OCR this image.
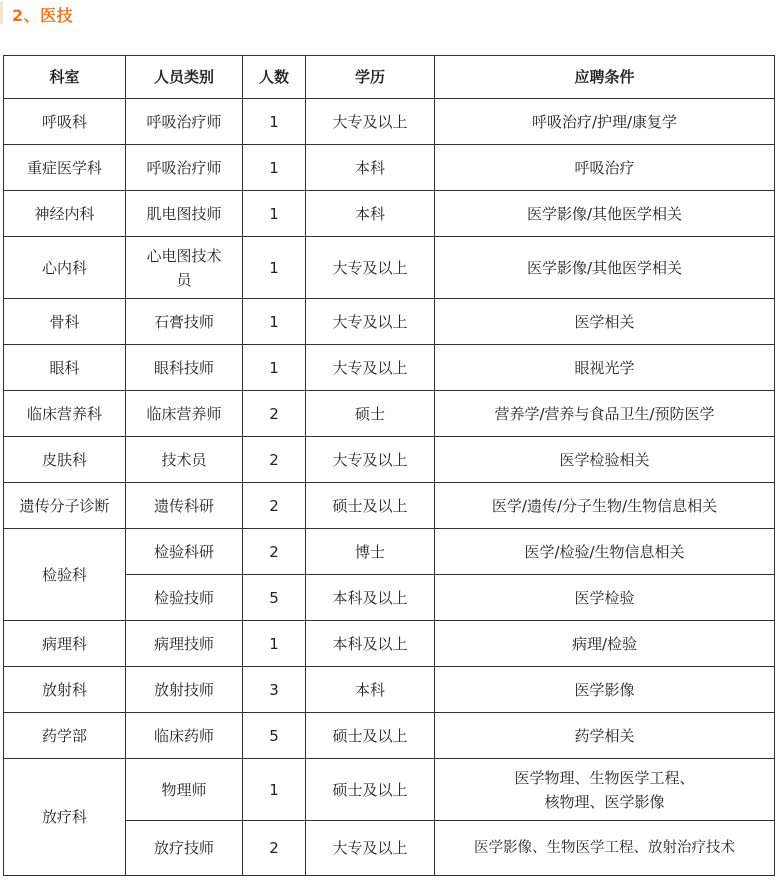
2、医技
科室	人员类别	人数	学历	应聘条件
呼吸科	呼吸治疗师	1	大专及以上	呼吸治疗/护理/康复学
重症医学科	呼吸治疗师	1	本科	呼吸治疗
神经内科	肌电图技师	1	本科	医学影像/其他医学相关
心内科	心电图技术员	1	大专及以上	医学影像/其他医学相关
骨科	石膏技师	1	大专及以上	医学相关
眼科	眼科技师	1	大专及以上	眼视光学
临床营养科	临床营养师	2	硕士	营养学/营养与食品卫生/预防医学
皮肤科	技术员	2	大专及以上	医学检验相关
遗传分子诊断	遗传科研	2	硕士及以上	医学/遗传/分子生物/生物信息相关
检验科	检验科研	2	博士	医学/检验/生物信息相关
	检验技师	5	本科及以上	医学检验
病理科	病理技师	1	本科及以上	病理/检验
放射科	放射技师	3	本科	医学影像
药学部	临床药师	5	硕士及以上	药学相关
放疗科	物理师	1	硕士及以上	医学物理、生物医学工程、
核物理、医学影像

	放疗技师	2	大专及以上	医学影像、生物医学工程、放射治疗技术
